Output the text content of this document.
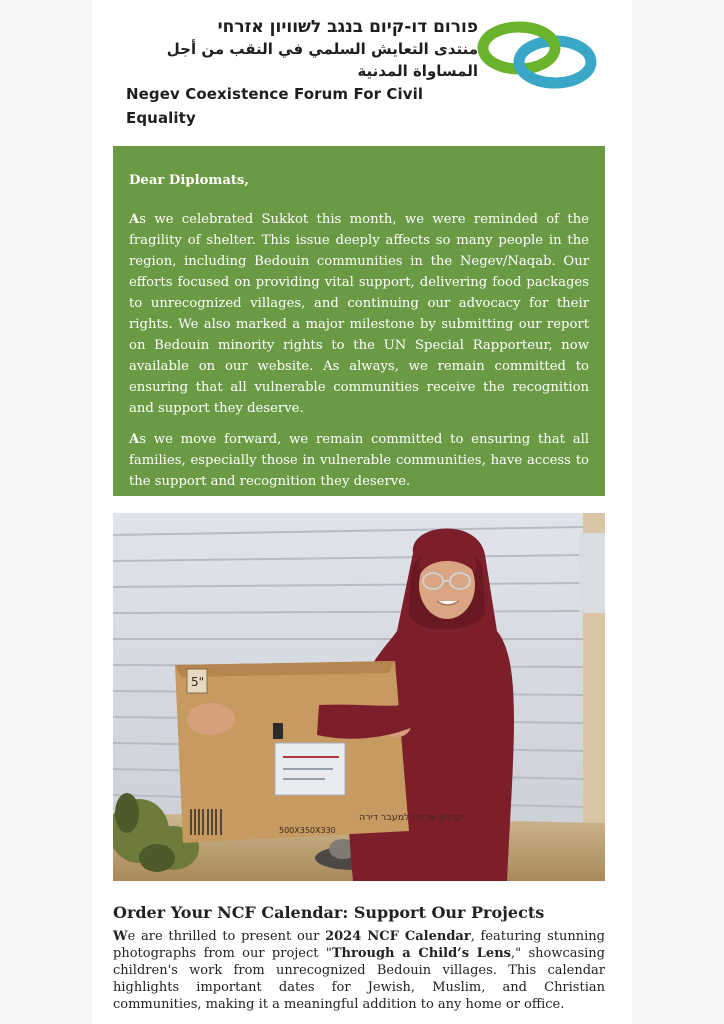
פורום דו-קיום בנגב לשוויון אזרחי
منتدى التعايش السلمي في النقب من أجل المساواة المدنية
Negev Coexistence Forum For Civil Equality

Dear Diplomats,

As we celebrated Sukkot this month, we were reminded of the fragility of shelter. This issue deeply affects so many people in the region, including Bedouin communities in the Negev/Naqab. Our efforts focused on providing vital support, delivering food packages to unrecognized villages, and continuing our advocacy for their rights. We also marked a major milestone by submitting our report on Bedouin minority rights to the UN Special Rapporteur, now available on our website. As always, we remain committed to ensuring that all vulnerable communities receive the recognition and support they deserve.

As we move forward, we remain committed to ensuring that all families, especially those in vulnerable communities, have access to the support and recognition they deserve.

5"
קרטון אריזה למעבר דירה
500X350X330
Order Your NCF Calendar: Support Our Projects
We are thrilled to present our 2024 NCF Calendar, featuring stunning photographs from our project "Through a Child’s Lens," showcasing children's work from unrecognized Bedouin villages. This calendar highlights important dates for Jewish, Muslim, and Christian communities, making it a meaningful addition to any home or office.
